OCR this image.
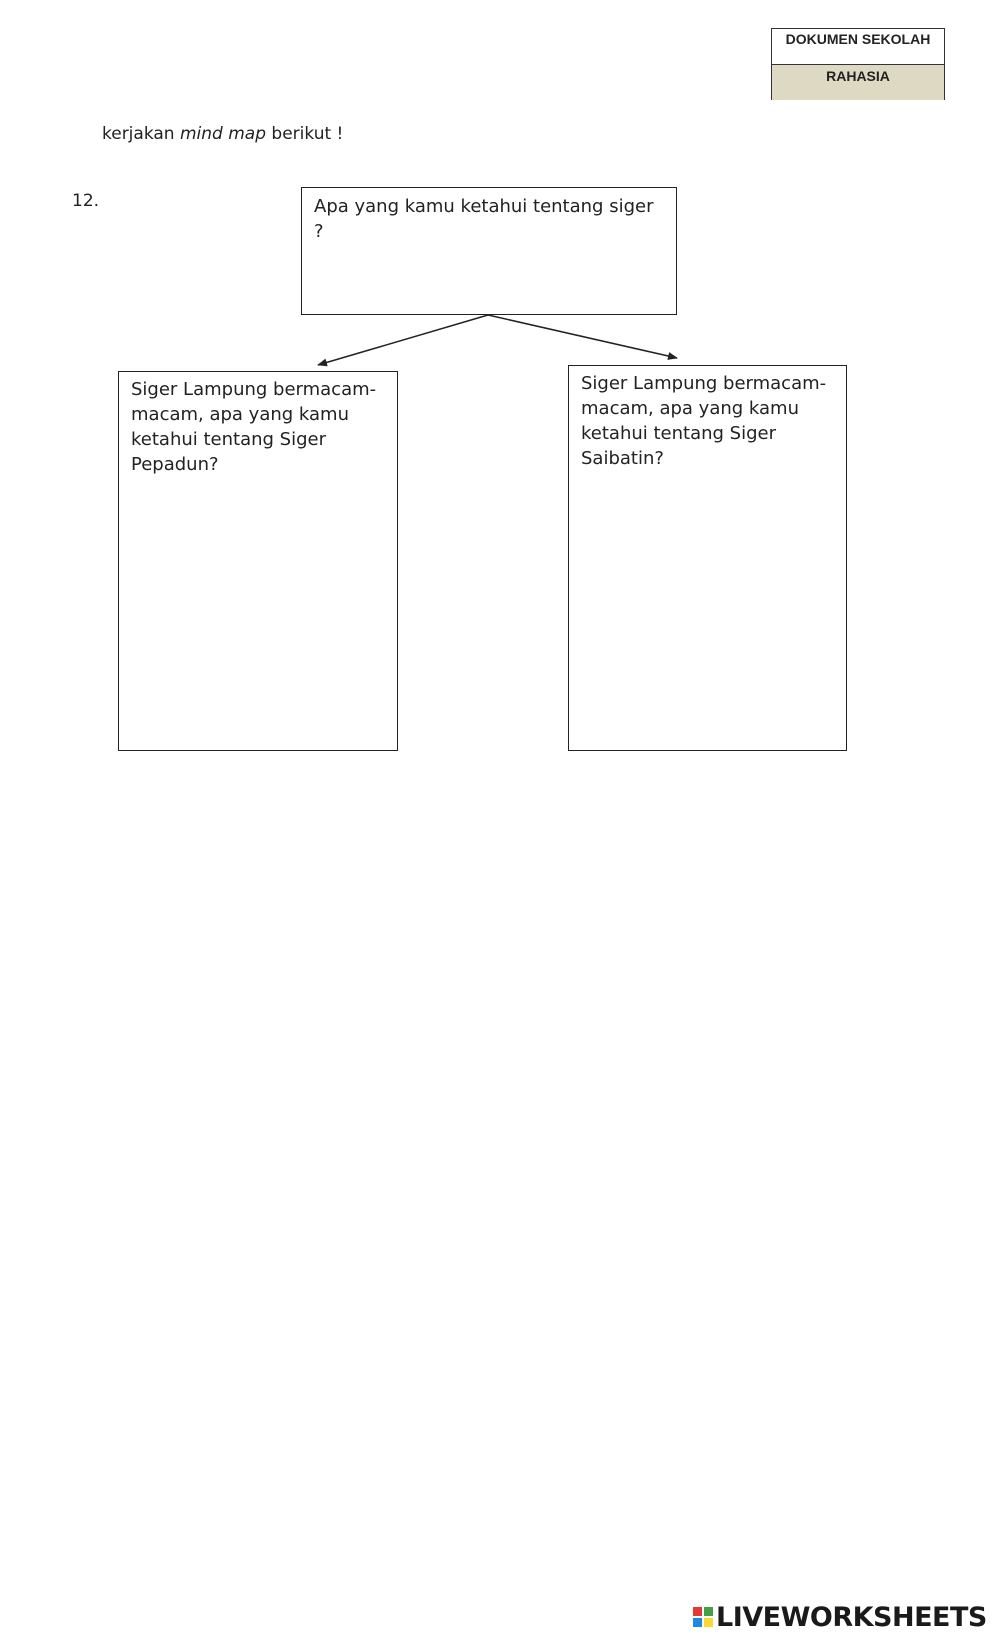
DOKUMEN SEKOLAH
RAHASIA
kerjakan mind map berikut !
12.	Apa yang kamu ketahui tentang siger ?
Siger Lampung bermacam-macam, apa yang kamu ketahui tentang Siger Pepadun?
Siger Lampung bermacam-macam, apa yang kamu ketahui tentang Siger Saibatin?
LIVEWORKSHEETS
